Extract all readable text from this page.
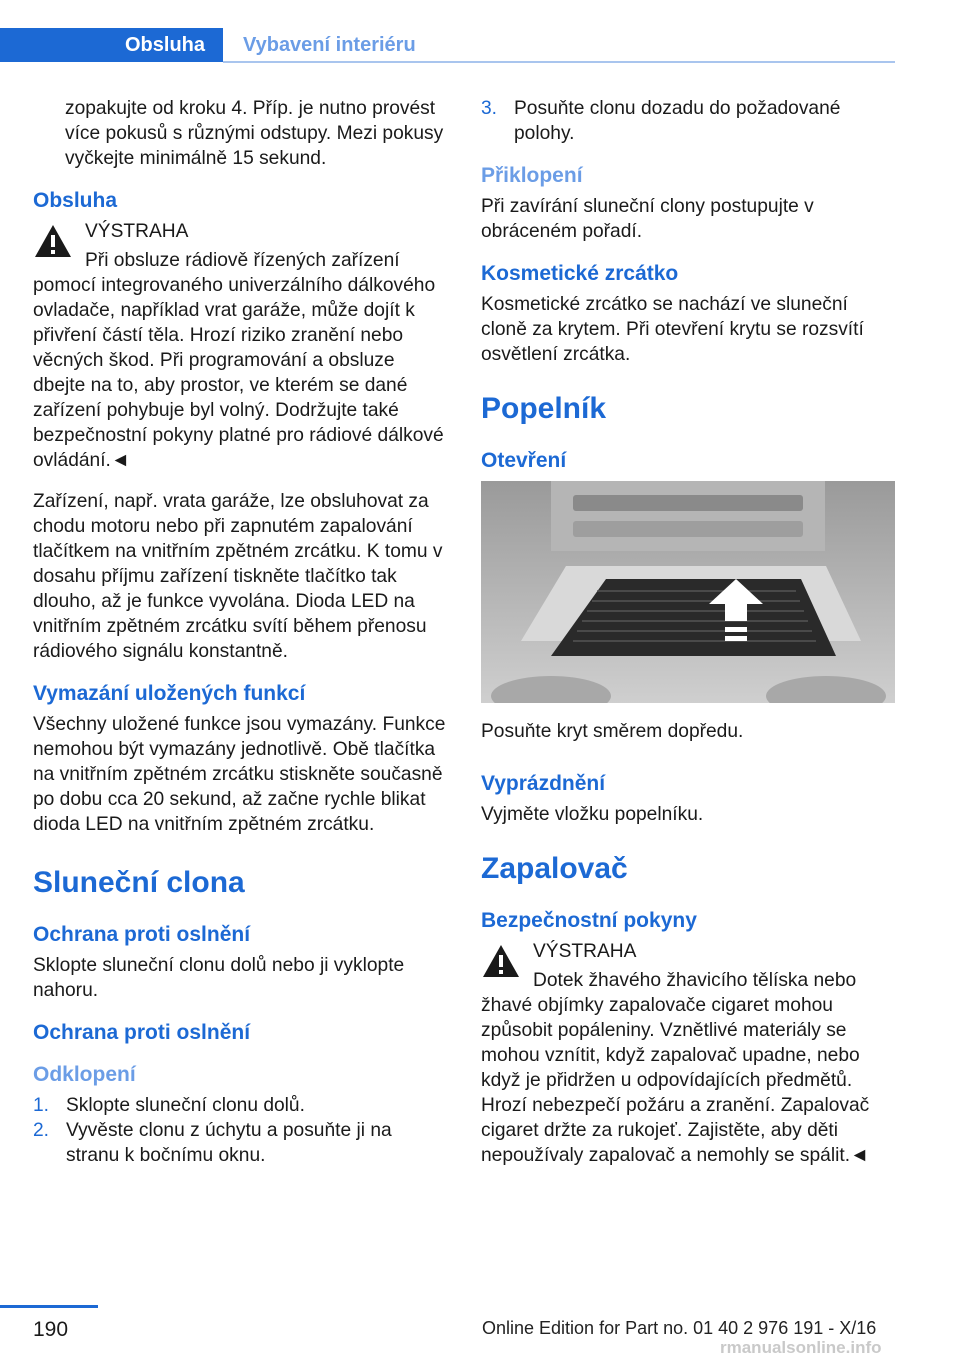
Obsluha	Vybavení interiéru

zopakujte od kroku 4. Příp. je nutno provést více pokusů s různými odstupy. Mezi pokusy vyčkejte minimálně 15 sekund.

Obsluha
VÝSTRAHA
Při obsluze rádiově řízených zařízení pomocí integrovaného univerzálního dálkového ovladače, například vrat garáže, může dojít k přivření částí těla. Hrozí riziko zranění nebo věcných škod. Při programování a obsluze dbejte na to, aby prostor, ve kterém se dané zařízení pohybuje byl volný. Dodržujte také bezpečnostní pokyny platné pro rádiové dálkové ovládání.◄

Zařízení, např. vrata garáže, lze obsluhovat za chodu motoru nebo při zapnutém zapalování tlačítkem na vnitřním zpětném zrcátku. K tomu v dosahu příjmu zařízení tiskněte tlačítko tak dlouho, až je funkce vyvolána. Dioda LED na vnitřním zpětném zrcátku svítí během přenosu rádiového signálu konstantně.

Vymazání uložených funkcí

Všechny uložené funkce jsou vymazány. Funkce nemohou být vymazány jednotlivě. Obě tlačítka na vnitřním zpětném zrcátku stiskněte současně po dobu cca 20 sekund, až začne rychle blikat dioda LED na vnitřním zpětném zrcátku.

Sluneční clona
Ochrana proti oslnění

Sklopte sluneční clonu dolů nebo ji vyklopte nahoru.

Ochrana proti oslnění
Odklopení
1. Sklopte sluneční clonu dolů.
2. Vyvěste clonu z úchytu a posuňte ji na stranu k bočnímu oknu.
3. Posuňte clonu dozadu do požadované polohy.
Přiklopení

Při zavírání sluneční clony postupujte v obráceném pořadí.

Kosmetické zrcátko

Kosmetické zrcátko se nachází ve sluneční cloně za krytem. Při otevření krytu se rozsvítí osvětlení zrcátka.

Popelník
Otevření

Posuňte kryt směrem dopředu.

Vyprázdnění

Vyjměte vložku popelníku.

Zapalovač
Bezpečnostní pokyny
VÝSTRAHA
Dotek žhavého žhavicího tělíska nebo žhavé objímky zapalovače cigaret mohou způsobit popáleniny. Vznětlivé materiály se mohou vznítit, když zapalovač upadne, nebo když je přidržen u odpovídajících předmětů. Hrozí nebezpečí požáru a zranění. Zapalovač cigaret držte za rukojeť. Zajistěte, aby děti nepoužívaly zapalovač a nemohly se spálit.◄
190	Online Edition for Part no. 01 40 2 976 191 - X/16
rmanualsonline.info
